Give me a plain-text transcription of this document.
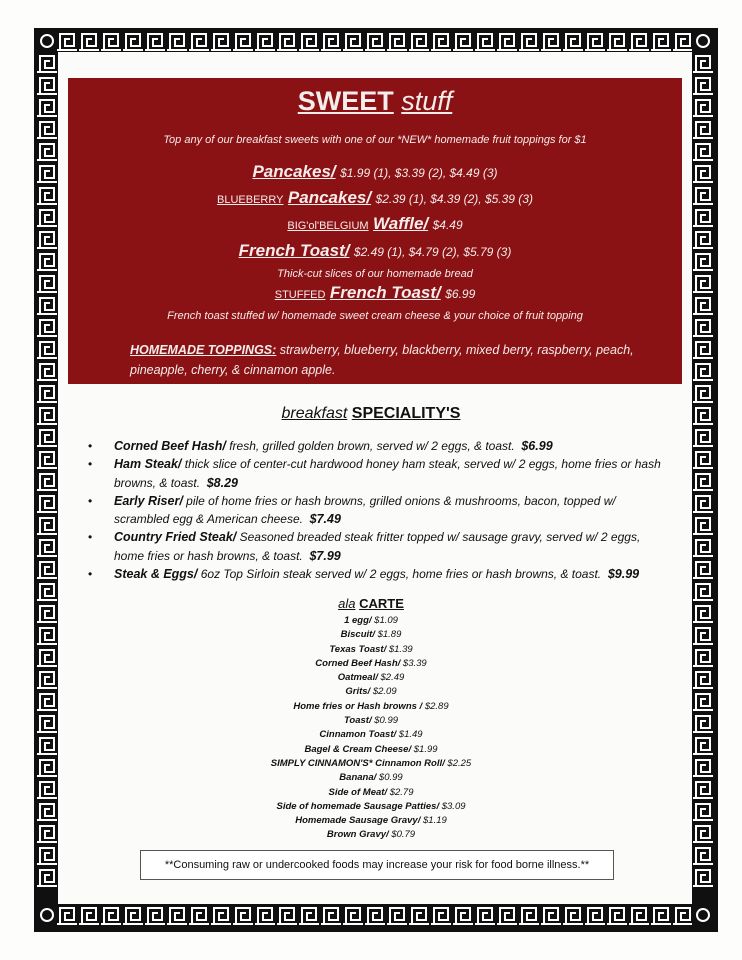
SWEET stuff
Top any of our breakfast sweets with one of our *NEW* homemade fruit toppings for $1
Pancakes/ $1.99 (1), $3.39 (2), $4.49 (3)
BLUEBERRY Pancakes/ $2.39 (1), $4.39 (2), $5.39 (3)
BIG'ol'BELGIUM Waffle/ $4.49
French Toast/ $2.49 (1), $4.79 (2), $5.79 (3)
Thick-cut slices of our homemade bread
STUFFED French Toast/ $6.99
French toast stuffed w/ homemade sweet cream cheese & your choice of fruit topping
HOMEMADE TOPPINGS: strawberry, blueberry, blackberry, mixed berry, raspberry, peach, pineapple, cherry, & cinnamon apple.
breakfast SPECIALITY'S
• Corned Beef Hash/ fresh, grilled golden brown, served w/ 2 eggs, & toast. $6.99
• Ham Steak/ thick slice of center-cut hardwood honey ham steak, served w/ 2 eggs, home fries or hash browns, & toast. $8.29
• Early Riser/ pile of home fries or hash browns, grilled onions & mushrooms, bacon, topped w/ scrambled egg & American cheese. $7.49
• Country Fried Steak/ Seasoned breaded steak fritter topped w/ sausage gravy, served w/ 2 eggs, home fries or hash browns, & toast. $7.99
• Steak & Eggs/ 6oz Top Sirloin steak served w/ 2 eggs, home fries or hash browns, & toast. $9.99
ala CARTE
1 egg/ $1.09
Biscuit/ $1.89
Texas Toast/ $1.39
Corned Beef Hash/ $3.39
Oatmeal/ $2.49
Grits/ $2.09
Home fries or Hash browns / $2.89
Toast/ $0.99
Cinnamon Toast/ $1.49
Bagel & Cream Cheese/ $1.99
SIMPLY CINNAMON'S* Cinnamon Roll/ $2.25
Banana/ $0.99
Side of Meat/ $2.79
Side of homemade Sausage Patties/ $3.09
Homemade Sausage Gravy/ $1.19
Brown Gravy/ $0.79
**Consuming raw or undercooked foods may increase your risk for food borne illness.**
